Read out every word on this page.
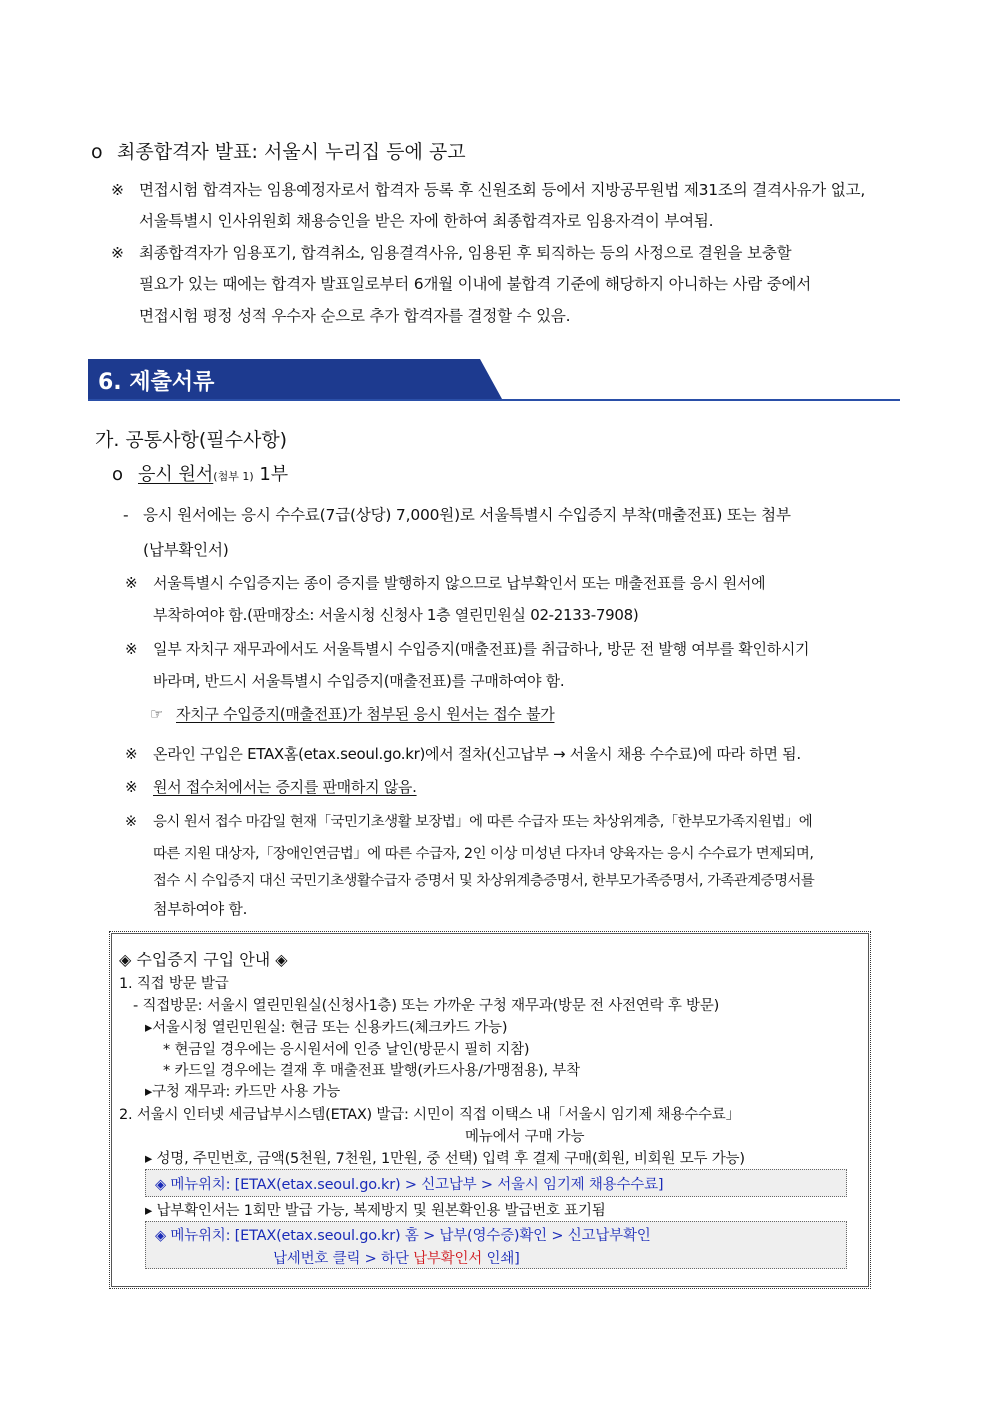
o 최종합격자 발표: 서울시 누리집 등에 공고
※ 면접시험 합격자는 임용예정자로서 합격자 등록 후 신원조회 등에서 지방공무원법 제31조의 결격사유가 없고,
서울특별시 인사위원회 채용승인을 받은 자에 한하여 최종합격자로 임용자격이 부여됨.
※ 최종합격자가 임용포기, 합격취소, 임용결격사유, 임용된 후 퇴직하는 등의 사정으로 결원을 보충할
필요가 있는 때에는 합격자 발표일로부터 6개월 이내에 불합격 기준에 해당하지 아니하는 사람 중에서
면접시험 평정 성적 우수자 순으로 추가 합격자를 결정할 수 있음.
6. 제출서류
가. 공통사항(필수사항)
o 응시 원서(첨부 1) 1부
- 응시 원서에는 응시 수수료(7급(상당) 7,000원)로 서울특별시 수입증지 부착(매출전표) 또는 첨부
(납부확인서)
※ 서울특별시 수입증지는 종이 증지를 발행하지 않으므로 납부확인서 또는 매출전표를 응시 원서에
부착하여야 함.(판매장소: 서울시청 신청사 1층 열린민원실 02-2133-7908)
※ 일부 자치구 재무과에서도 서울특별시 수입증지(매출전표)를 취급하나, 방문 전 발행 여부를 확인하시기
바라며, 반드시 서울특별시 수입증지(매출전표)를 구매하여야 함.
☞ 자치구 수입증지(매출전표)가 첨부된 응시 원서는 접수 불가
※ 온라인 구입은 ETAX홈(etax.seoul.go.kr)에서 절차(신고납부 → 서울시 채용 수수료)에 따라 하면 됨.
※ 원서 접수처에서는 증지를 판매하지 않음.
※ 응시 원서 접수 마감일 현재「국민기초생활 보장법」에 따른 수급자 또는 차상위계층,「한부모가족지원법」에
따른 지원 대상자,「장애인연금법」에 따른 수급자, 2인 이상 미성년 다자녀 양육자는 응시 수수료가 면제되며,
접수 시 수입증지 대신 국민기초생활수급자 증명서 및 차상위계층증명서, 한부모가족증명서, 가족관계증명서를
첨부하여야 함.
◈ 수입증지 구입 안내 ◈
1. 직접 방문 발급
- 직접방문: 서울시 열린민원실(신청사1층) 또는 가까운 구청 재무과(방문 전 사전연락 후 방문)
▸서울시청 열린민원실: 현금 또는 신용카드(체크카드 가능)
* 현금일 경우에는 응시원서에 인증 날인(방문시 필히 지참)
* 카드일 경우에는 결재 후 매출전표 발행(카드사용/가맹점용), 부착
▸구청 재무과: 카드만 사용 가능
2. 서울시 인터넷 세금납부시스템(ETAX) 발급: 시민이 직접 이택스 내「서울시 임기제 채용수수료」
메뉴에서 구매 가능
▸ 성명, 주민번호, 금액(5천원, 7천원, 1만원, 중 선택) 입력 후 결제 구매(회원, 비회원 모두 가능)
◈ 메뉴위치: [ETAX(etax.seoul.go.kr) > 신고납부 > 서울시 임기제 채용수수료]
▸ 납부확인서는 1회만 발급 가능, 복제방지 및 원본확인용 발급번호 표기됨
◈ 메뉴위치: [ETAX(etax.seoul.go.kr) 홈 > 납부(영수증)확인 > 신고납부확인
납세번호 클릭 > 하단 납부확인서 인쇄]
